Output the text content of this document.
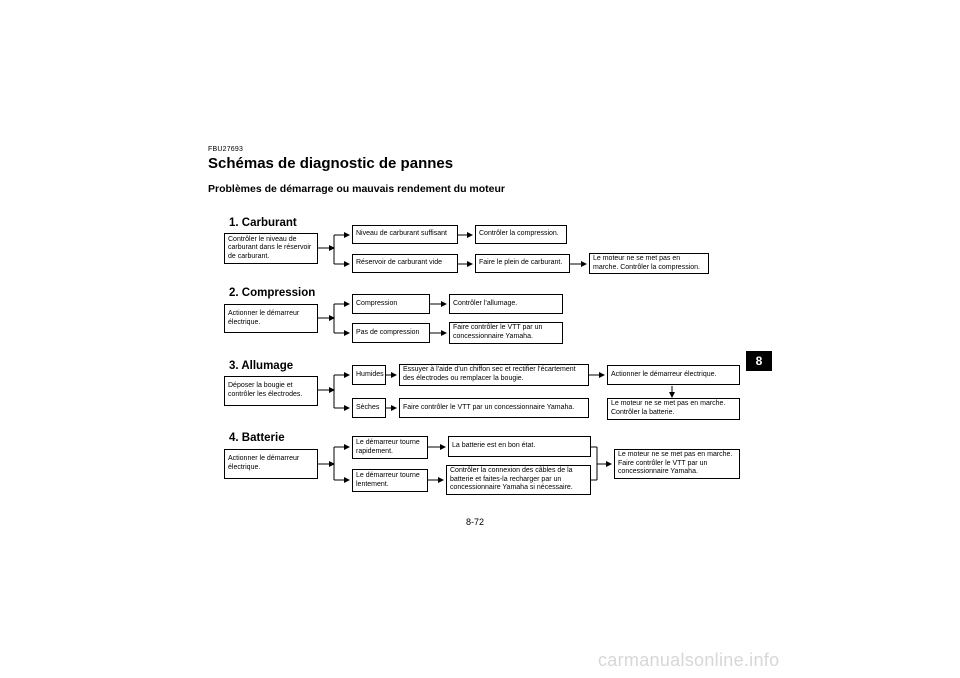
FBU27693
Schémas de diagnostic de pannes
Problèmes de démarrage ou mauvais rendement du moteur
1. Carburant
Contrôler le niveau de carburant dans le réservoir de carburant.
Niveau de carburant suffisant	Contrôler la compression.
Réservoir de carburant vide	Faire le plein de carburant.
Le moteur ne se met pas en marche. Contrôler la compression.
2. Compression
Actionner le démarreur électrique.
Compression	Contrôler l’allumage.
Pas de compression
Faire contrôler le VTT par un concessionnaire Yamaha.
3. Allumage
Déposer la bougie et contrôler les électrodes.
Humides
Essuyer à l’aide d’un chiffon sec et rectifier l’écartement des électrodes ou remplacer la bougie.
Actionner le démarreur électrique.
Le moteur ne se met pas en marche. Contrôler la batterie.
Sèches	Faire contrôler le VTT par un concessionnaire Yamaha.
4. Batterie
Actionner le démarreur électrique.
Le démarreur tourne rapidement.
La batterie est en bon état.
Le démarreur tourne lentement.
Contrôler la connexion des câbles de la batterie et faites-la recharger par un concessionnaire Yamaha si nécessaire.
Le moteur ne se met pas en marche. Faire contrôler le VTT par un concessionnaire Yamaha.
8
8-72
carmanualsonline.info
